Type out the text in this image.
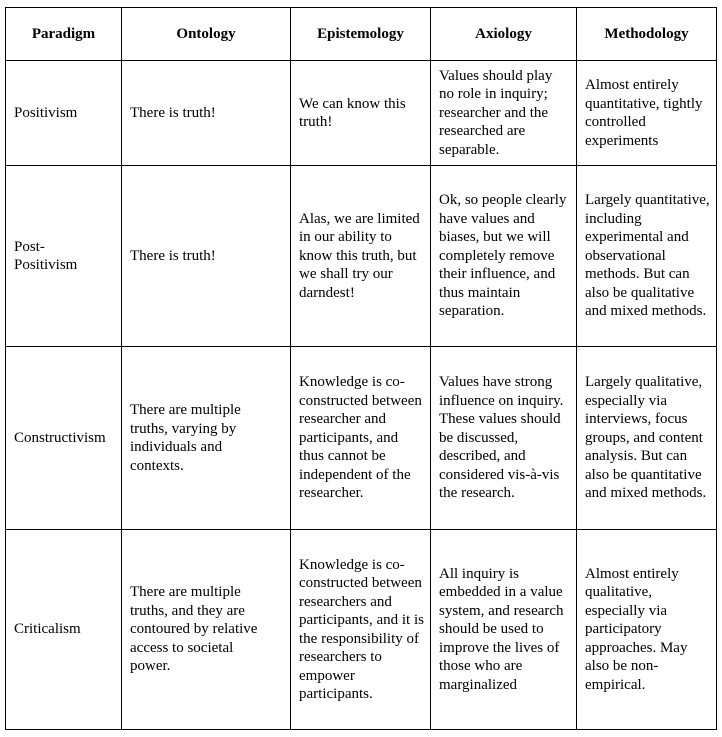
Paradigm	Ontology	Epistemology	Axiology	Methodology
Positivism	There is truth!	We can know this truth!	Values should play no role in inquiry; researcher and the researched are separable.	Almost entirely quantitative, tightly controlled experiments
Post-Positivism	There is truth!	Alas, we are limited in our ability to know this truth, but we shall try our darndest!	Ok, so people clearly have values and biases, but we will completely remove their influence, and thus maintain separation.	Largely quantitative, including experimental and observational methods. But can also be qualitative and mixed methods.
Constructivism	There are multiple truths, varying by individuals and contexts.	Knowledge is co-constructed between researcher and participants, and thus cannot be independent of the researcher.	Values have strong influence on inquiry. These values should be discussed, described, and considered vis-à-vis the research.	Largely qualitative, especially via interviews, focus groups, and content analysis. But can also be quantitative and mixed methods.
Criticalism	There are multiple truths, and they are contoured by relative access to societal power.	Knowledge is co-constructed between researchers and participants, and it is the responsibility of researchers to empower participants.	All inquiry is embedded in a value system, and research should be used to improve the lives of those who are marginalized	Almost entirely qualitative, especially via participatory approaches. May also be non-empirical.
